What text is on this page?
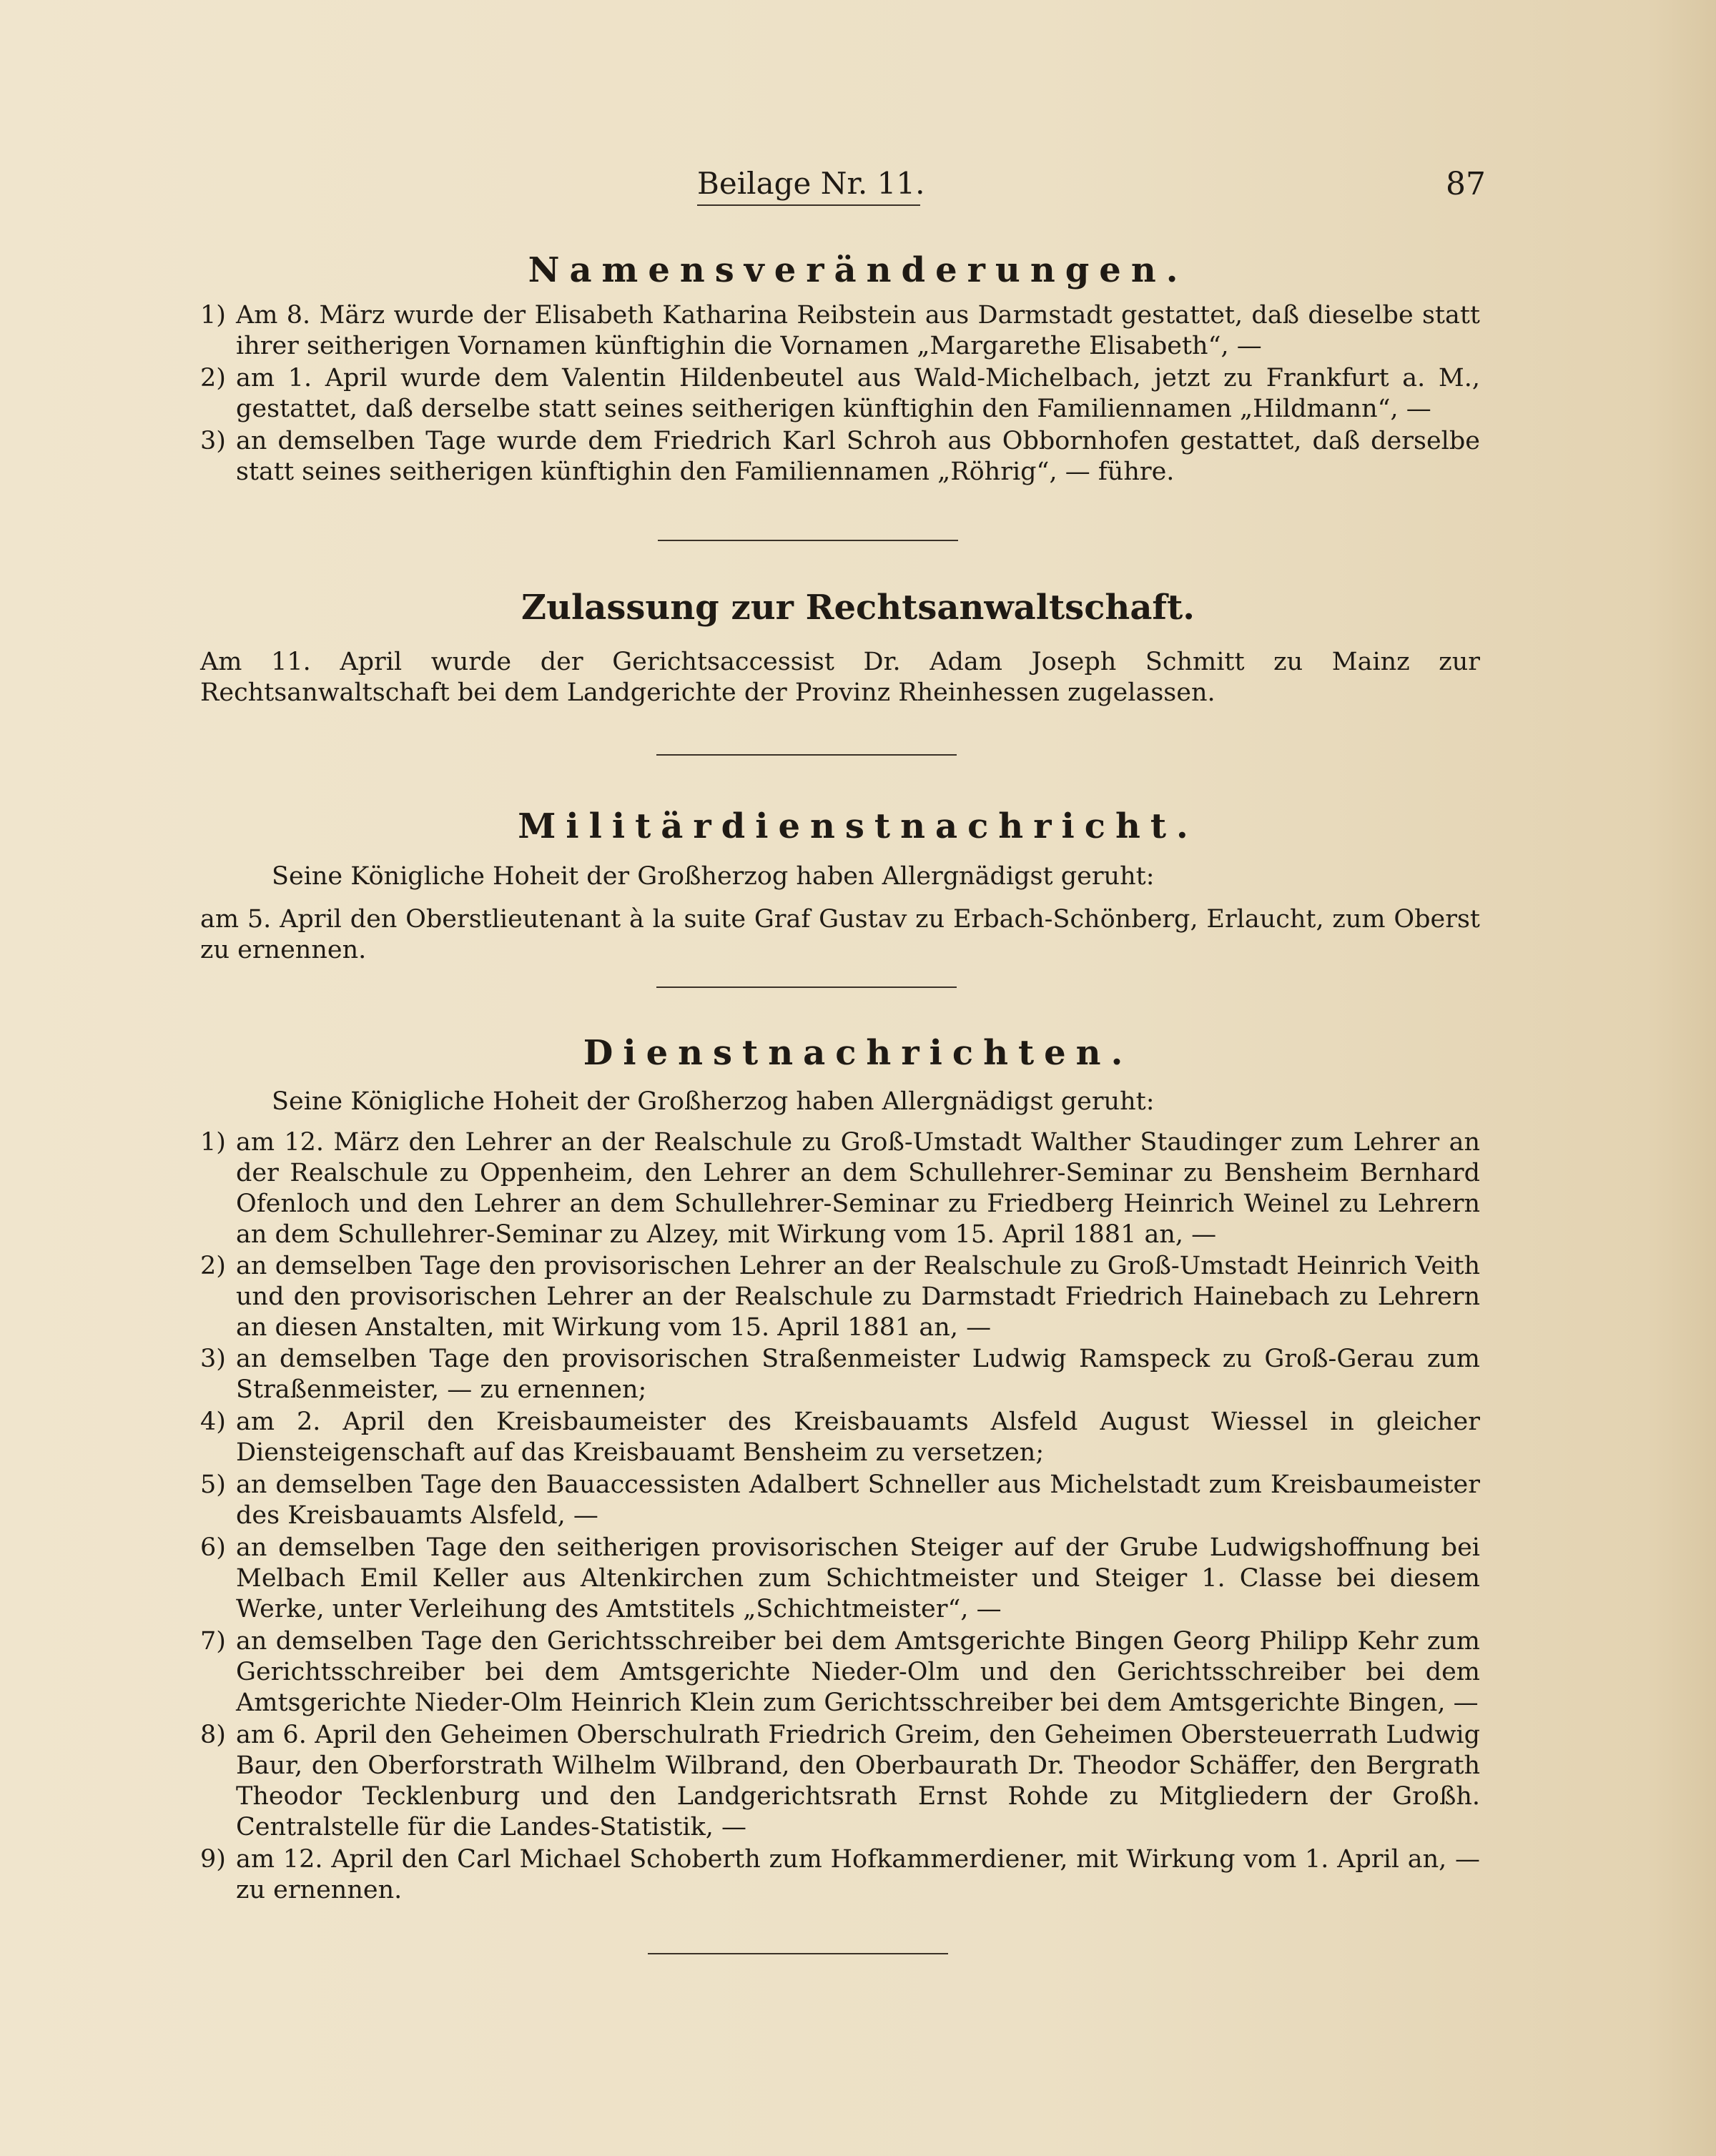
Beilage Nr. 11.	87
Namensveränderungen.
1) Am 8. März wurde der Elisabeth Katharina Reibstein aus Darmstadt gestattet, daß dieselbe statt ihrer seitherigen Vornamen künftighin die Vornamen „Margarethe Elisabeth“, —
2) am 1. April wurde dem Valentin Hildenbeutel aus Wald-Michelbach, jetzt zu Frankfurt a. M., gestattet, daß derselbe statt seines seitherigen künftighin den Familiennamen „Hildmann“, —
3) an demselben Tage wurde dem Friedrich Karl Schroh aus Obbornhofen gestattet, daß derselbe statt seines seitherigen künftighin den Familiennamen „Röhrig“, — führe.
Zulassung zur Rechtsanwaltschaft.
Am 11. April wurde der Gerichtsaccessist Dr. Adam Joseph Schmitt zu Mainz zur Rechtsanwaltschaft bei dem Landgerichte der Provinz Rheinhessen zugelassen.
Militärdienstnachricht.
Seine Königliche Hoheit der Großherzog haben Allergnädigst geruht:
am 5. April den Oberstlieutenant à la suite Graf Gustav zu Erbach-Schönberg, Erlaucht, zum Oberst zu ernennen.
Dienstnachrichten.
Seine Königliche Hoheit der Großherzog haben Allergnädigst geruht:
1) am 12. März den Lehrer an der Realschule zu Groß-Umstadt Walther Staudinger zum Lehrer an der Realschule zu Oppenheim, den Lehrer an dem Schullehrer-Seminar zu Bensheim Bernhard Ofenloch und den Lehrer an dem Schullehrer-Seminar zu Friedberg Heinrich Weinel zu Lehrern an dem Schullehrer-Seminar zu Alzey, mit Wirkung vom 15. April 1881 an, —
2) an demselben Tage den provisorischen Lehrer an der Realschule zu Groß-Umstadt Heinrich Veith und den provisorischen Lehrer an der Realschule zu Darmstadt Friedrich Hainebach zu Lehrern an diesen Anstalten, mit Wirkung vom 15. April 1881 an, —
3) an demselben Tage den provisorischen Straßenmeister Ludwig Ramspeck zu Groß-Gerau zum Straßenmeister, — zu ernennen;
4) am 2. April den Kreisbaumeister des Kreisbauamts Alsfeld August Wiessel in gleicher Diensteigenschaft auf das Kreisbauamt Bensheim zu versetzen;
5) an demselben Tage den Bauaccessisten Adalbert Schneller aus Michelstadt zum Kreisbaumeister des Kreisbauamts Alsfeld, —
6) an demselben Tage den seitherigen provisorischen Steiger auf der Grube Ludwigshoffnung bei Melbach Emil Keller aus Altenkirchen zum Schichtmeister und Steiger 1. Classe bei diesem Werke, unter Verleihung des Amtstitels „Schichtmeister“, —
7) an demselben Tage den Gerichtsschreiber bei dem Amtsgerichte Bingen Georg Philipp Kehr zum Gerichtsschreiber bei dem Amtsgerichte Nieder-Olm und den Gerichtsschreiber bei dem Amtsgerichte Nieder-Olm Heinrich Klein zum Gerichtsschreiber bei dem Amtsgerichte Bingen, —
8) am 6. April den Geheimen Oberschulrath Friedrich Greim, den Geheimen Obersteuerrath Ludwig Baur, den Oberforstrath Wilhelm Wilbrand, den Oberbaurath Dr. Theodor Schäffer, den Bergrath Theodor Tecklenburg und den Landgerichtsrath Ernst Rohde zu Mitgliedern der Großh. Centralstelle für die Landes-Statistik, —
9) am 12. April den Carl Michael Schoberth zum Hofkammerdiener, mit Wirkung vom 1. April an, — zu ernennen.
